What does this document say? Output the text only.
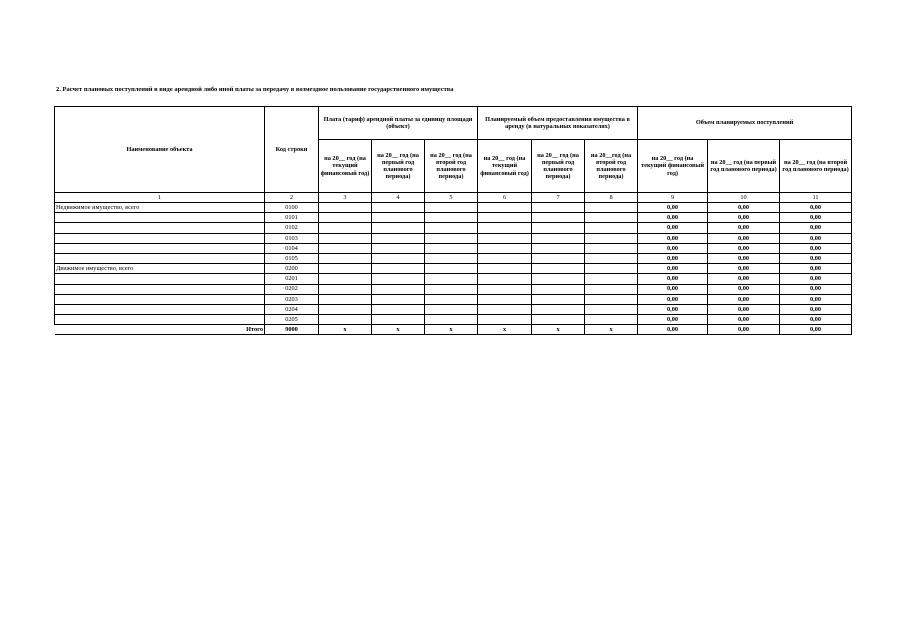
2. Расчет плановых поступлений в виде арендной либо иной платы за передачу в возмездное пользование государственного имущества
Наименование объекта	Код строки	Плата (тариф) арендной платы за единицу площади (объект)			Планируемый объем предоставления имущества в аренду (в натуральных показателях)			Объем планируемых поступлений		
		на 20__ год (на текущий финансовый год)	на 20__ год (на первый год планового периода)	на 20__ год (на второй год планового периода)	на 20__ год (на текущий финансовый год)	на 20__ год (на первый год планового периода)	на 20__год (на второй год планового периода)	на 20__ год (на текущий финансовый год)	на 20__ год (на первый год планового периода)	на 20__ год (на второй год планового периода)
1	2	3	4	5	6	7	8	9	10	11
Недвижимое имущество, всего	0100							0,00	0,00	0,00
	0101							0,00	0,00	0,00
	0102							0,00	0,00	0,00
	0103							0,00	0,00	0,00
	0104							0,00	0,00	0,00
	0105							0,00	0,00	0,00
Движимое имущество, всего	0200							0,00	0,00	0,00
	0201							0,00	0,00	0,00
	0202							0,00	0,00	0,00
	0203							0,00	0,00	0,00
	0204							0,00	0,00	0,00
	0205							0,00	0,00	0,00
Итого	9000	x	x	x	x	x	x	0,00	0,00	0,00
